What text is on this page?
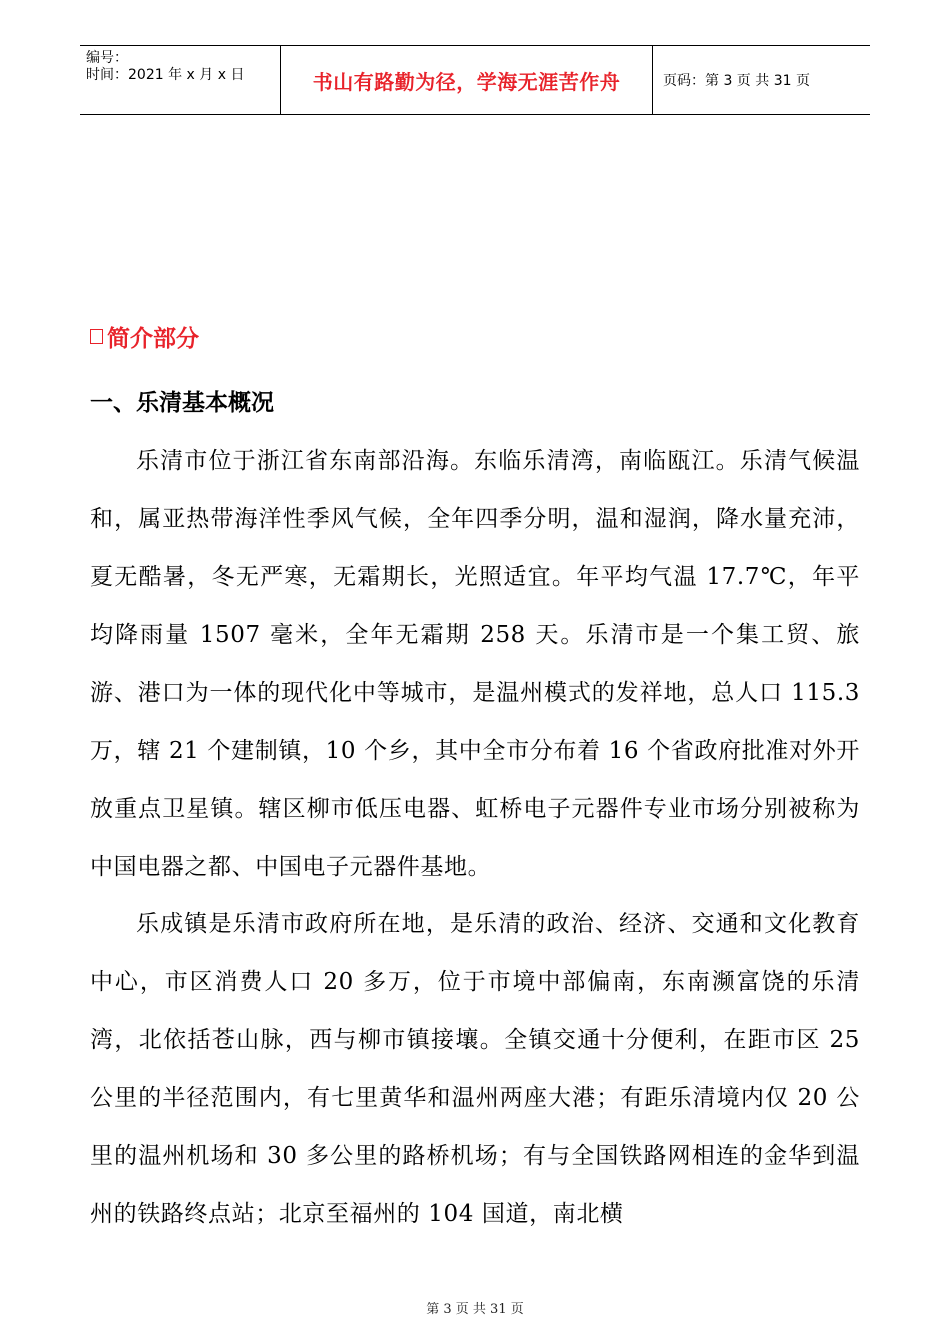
编号：
时间：2021 年 x 月 x 日	书山有路勤为径，学海无涯苦作舟	页码：第 3 页 共 31 页
简介部分
一、乐清基本概况

乐清市位于浙江省东南部沿海。东临乐清湾，南临瓯江。乐清气候温和，属亚热带海洋性季风气候，全年四季分明，温和湿润，降水量充沛，夏无酷暑，冬无严寒，无霜期长，光照适宜。年平均气温 17.7℃，年平均降雨量 1507 毫米，全年无霜期 258 天。乐清市是一个集工贸、旅游、港口为一体的现代化中等城市，是温州模式的发祥地，总人口 115.3 万，辖 21 个建制镇，10 个乡，其中全市分布着 16 个省政府批准对外开放重点卫星镇。辖区柳市低压电器、虹桥电子元器件专业市场分别被称为中国电器之都、中国电子元器件基地。

乐成镇是乐清市政府所在地，是乐清的政治、经济、交通和文化教育中心，市区消费人口 20 多万，位于市境中部偏南，东南濒富饶的乐清湾，北依括苍山脉，西与柳市镇接壤。全镇交通十分便利，在距市区 25 公里的半径范围内，有七里黄华和温州两座大港；有距乐清境内仅 20 公里的温州机场和 30 多公里的路桥机场；有与全国铁路网相连的金华到温州的铁路终点站；北京至福州的 104 国道，南北横

第 3 页 共 31 页
